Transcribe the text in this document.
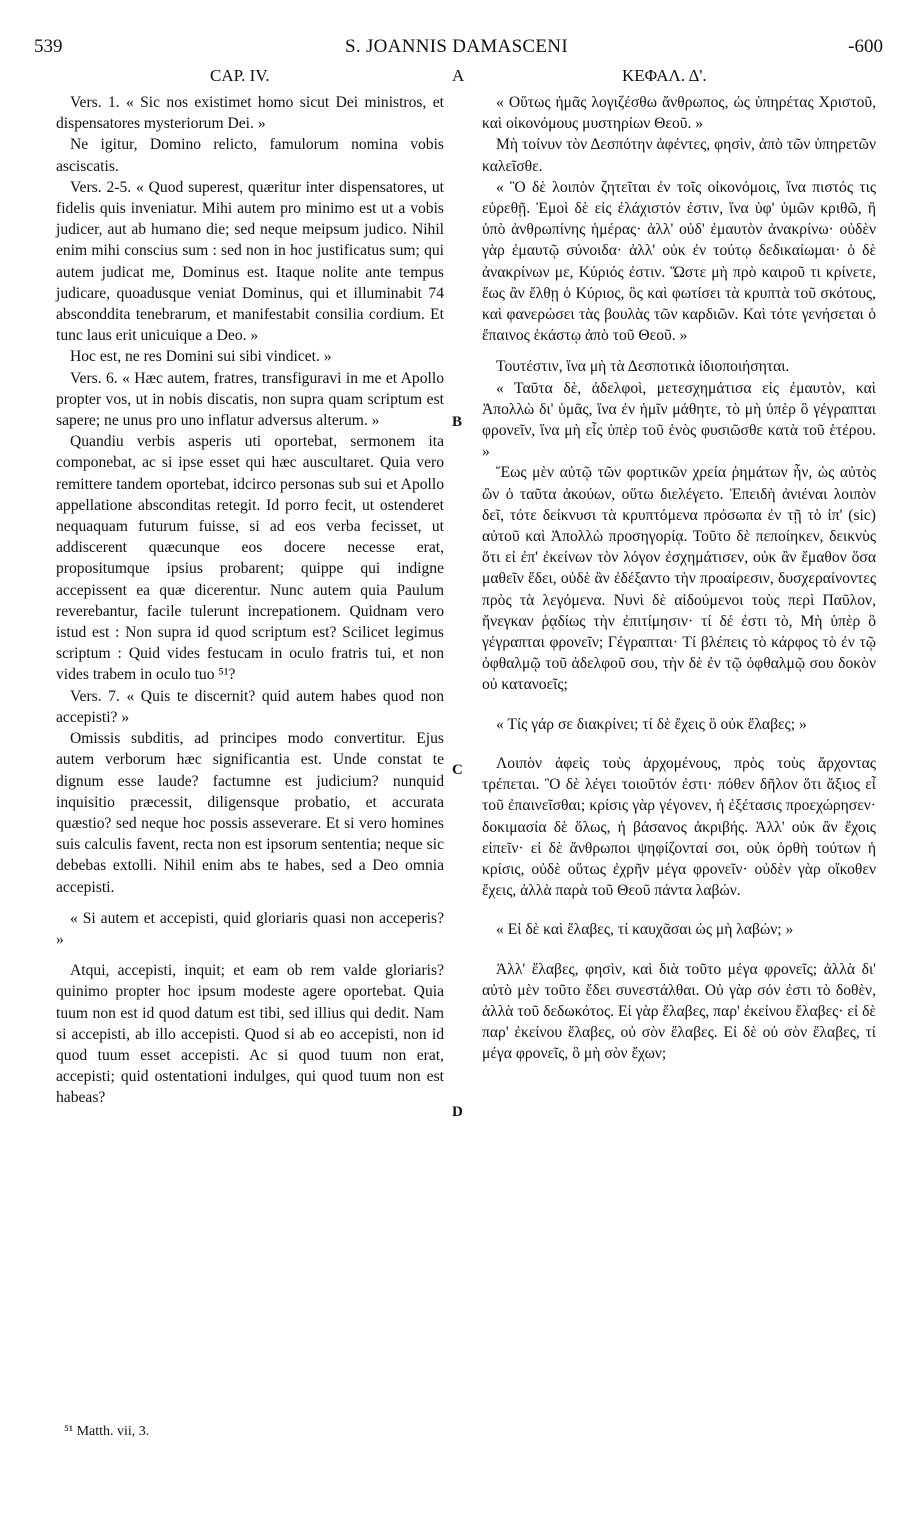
539	S. JOANNIS DAMASCENI	-600
CAP. IV.	A	ΚΕΦΑΛ. Δ'.

Vers. 1. « Sic nos existimet homo sicut Dei ministros, et dispensatores mysteriorum Dei. »

Ne igitur, Domino relicto, famulorum nomina vobis asciscatis.

Vers. 2-5. « Quod superest, quæritur inter dispensatores, ut fidelis quis inveniatur. Mihi autem pro minimo est ut a vobis judicer, aut ab humano die; sed neque meipsum judico. Nihil enim mihi conscius sum : sed non in hoc justificatus sum; qui autem judicat me, Dominus est. Itaque nolite ante tempus judicare, quoadusque veniat Dominus, qui et illuminabit 74 absconddita tenebrarum, et manifestabit consilia cordium. Et tunc laus erit unicuique a Deo. »

Hoc est, ne res Domini sui sibi vindicet. »

Vers. 6. « Hæc autem, fratres, transfiguravi in me et Apollo propter vos, ut in nobis discatis, non supra quam scriptum est sapere; ne unus pro uno inflatur adversus alterum. »

Quandiu verbis asperis uti oportebat, sermonem ita componebat, ac si ipse esset qui hæc auscultaret. Quia vero remittere tandem oportebat, idcirco personas sub sui et Apollo appellatione absconditas retegit. Id porro fecit, ut ostenderet nequaquam futurum fuisse, si ad eos verba fecisset, ut addiscerent quæcunque eos docere necesse erat, propositumque ipsius probarent; quippe qui indigne accepissent ea quæ dicerentur. Nunc autem quia Paulum reverebantur, facile tulerunt increpationem. Quidnam vero istud est : Non supra id quod scriptum est? Scilicet legimus scriptum : Quid vides festucam in oculo fratris tui, et non vides trabem in oculo tuo ⁵¹?

Vers. 7. « Quis te discernit? quid autem habes quod non accepisti? »

Omissis subditis, ad principes modo convertitur. Ejus autem verborum hæc significantia est. Unde constat te dignum esse laude? factumne est judicium? nunquid inquisitio præcessit, diligensque probatio, et accurata quæstio? sed neque hoc possis asseverare. Et si vero homines suis calculis favent, recta non est ipsorum sententia; neque sic debebas extolli. Nihil enim abs te habes, sed a Deo omnia accepisti.

« Si autem et accepisti, quid gloriaris quasi non acceperis? »

Atqui, accepisti, inquit; et eam ob rem valde gloriaris? quinimo propter hoc ipsum modeste agere oportebat. Quia tuum non est id quod datum est tibi, sed illius qui dedit. Nam si accepisti, ab illo accepisti. Quod si ab eo accepisti, non id quod tuum esset accepisti. Ac si quod tuum non erat, accepisti; quid ostentationi indulges, qui quod tuum non est habeas?

« Οὕτως ἡμᾶς λογιζέσθω ἄνθρωπος, ὡς ὑπηρέτας Χριστοῦ, καὶ οἰκονόμους μυστηρίων Θεοῦ. »

Μὴ τοίνυν τὸν Δεσπότην ἀφέντες, φησὶν, ἀπὸ τῶν ὑπηρετῶν καλεῖσθε.

« Ὃ δὲ λοιπὸν ζητεῖται ἐν τοῖς οἰκονόμοις, ἵνα πιστός τις εὑρεθῇ. Ἐμοὶ δὲ εἰς ἐλάχιστόν ἐστιν, ἵνα ὑφ' ὑμῶν κριθῶ, ἢ ὑπὸ ἀνθρωπίνης ἡμέρας· ἀλλ' οὐδ' ἐμαυτὸν ἀνακρίνω· οὐδὲν γὰρ ἐμαυτῷ σύνοιδα· ἀλλ' οὐκ ἐν τούτῳ δεδικαίωμαι· ὁ δὲ ἀνακρίνων με, Κύριός ἐστιν. Ὥστε μὴ πρὸ καιροῦ τι κρίνετε, ἕως ἂν ἔλθῃ ὁ Κύριος, ὃς καὶ φωτίσει τὰ κρυπτὰ τοῦ σκότους, καὶ φανερώσει τὰς βουλὰς τῶν καρδιῶν. Καὶ τότε γενήσεται ὁ ἔπαινος ἑκάστῳ ἀπὸ τοῦ Θεοῦ. »

Τουτέστιν, ἵνα μὴ τὰ Δεσποτικὰ ἰδιοποιήσηται.

« Ταῦτα δὲ, ἀδελφοὶ, μετεσχημάτισα εἰς ἐμαυτὸν, καὶ Ἀπολλὼ δι' ὑμᾶς, ἵνα ἐν ἡμῖν μάθητε, τὸ μὴ ὑπὲρ ὃ γέγραπται φρονεῖν, ἵνα μὴ εἷς ὑπὲρ τοῦ ἑνὸς φυσιῶσθε κατὰ τοῦ ἑτέρου. »

Ἕως μὲν αὐτῷ τῶν φορτικῶν χρεία ῥημάτων ἦν, ὡς αὐτὸς ὢν ὁ ταῦτα ἀκούων, οὕτω διελέγετο. Ἐπειδὴ ἀνιέναι λοιπὸν δεῖ, τότε δείκνυσι τὰ κρυπτόμενα πρόσωπα ἐν τῇ τὸ ἰπ' (sic) αὐτοῦ καὶ Ἀπολλὼ προσηγορίᾳ. Τοῦτο δὲ πεποίηκεν, δεικνὺς ὅτι εἰ ἐπ' ἐκείνων τὸν λόγον ἐσχημάτισεν, οὐκ ἂν ἔμαθον ὅσα μαθεῖν ἔδει, οὐδὲ ἂν ἐδέξαντο τὴν προαίρεσιν, δυσχεραίνοντες πρὸς τὰ λεγόμενα. Νυνὶ δὲ αἰδούμενοι τοὺς περὶ Παῦλον, ἤνεγκαν ῥᾳδίως τὴν ἐπιτίμησιν· τί δέ ἐστι τὸ, Μὴ ὑπὲρ ὃ γέγραπται φρονεῖν; Γέγραπται· Τί βλέπεις τὸ κάρφος τὸ ἐν τῷ ὀφθαλμῷ τοῦ ἀδελφοῦ σου, τὴν δὲ ἐν τῷ ὀφθαλμῷ σου δοκὸν οὐ κατανοεῖς;

« Τίς γάρ σε διακρίνει; τί δὲ ἔχεις ὃ οὐκ ἔλαβες; »

Λοιπὸν ἀφεὶς τοὺς ἀρχομένους, πρὸς τοὺς ἄρχοντας τρέπεται. Ὃ δὲ λέγει τοιοῦτόν ἐστι· πόθεν δῆλον ὅτι ἄξιος εἶ τοῦ ἐπαινεῖσθαι; κρίσις γὰρ γέγονεν, ἡ ἐξέτασις προεχώρησεν· δοκιμασία δὲ ὅλως, ἡ βάσανος ἀκριβής. Ἀλλ' οὐκ ἂν ἔχοις εἰπεῖν· εἰ δὲ ἄνθρωποι ψηφίζονταί σοι, οὐκ ὀρθὴ τούτων ἡ κρίσις, οὐδὲ οὕτως ἐχρῆν μέγα φρονεῖν· οὐδὲν γὰρ οἴκοθεν ἔχεις, ἀλλὰ παρὰ τοῦ Θεοῦ πάντα λαβών.

« Εἰ δὲ καὶ ἔλαβες, τί καυχᾶσαι ὡς μὴ λαβών; »

Ἀλλ' ἔλαβες, φησὶν, καὶ διὰ τοῦτο μέγα φρονεῖς; ἀλλὰ δι' αὐτὸ μὲν τοῦτο ἔδει συνεστάλθαι. Οὐ γὰρ σόν ἐστι τὸ δοθὲν, ἀλλὰ τοῦ δεδωκότος. Εἰ γὰρ ἔλαβες, παρ' ἐκείνου ἔλαβες· εἰ δὲ παρ' ἐκείνου ἔλαβες, οὐ σὸν ἔλαβες. Εἰ δὲ οὐ σὸν ἔλαβες, τί μέγα φρονεῖς, ὃ μὴ σὸν ἔχων;

B
C
D
⁵¹ Matth. vii, 3.
